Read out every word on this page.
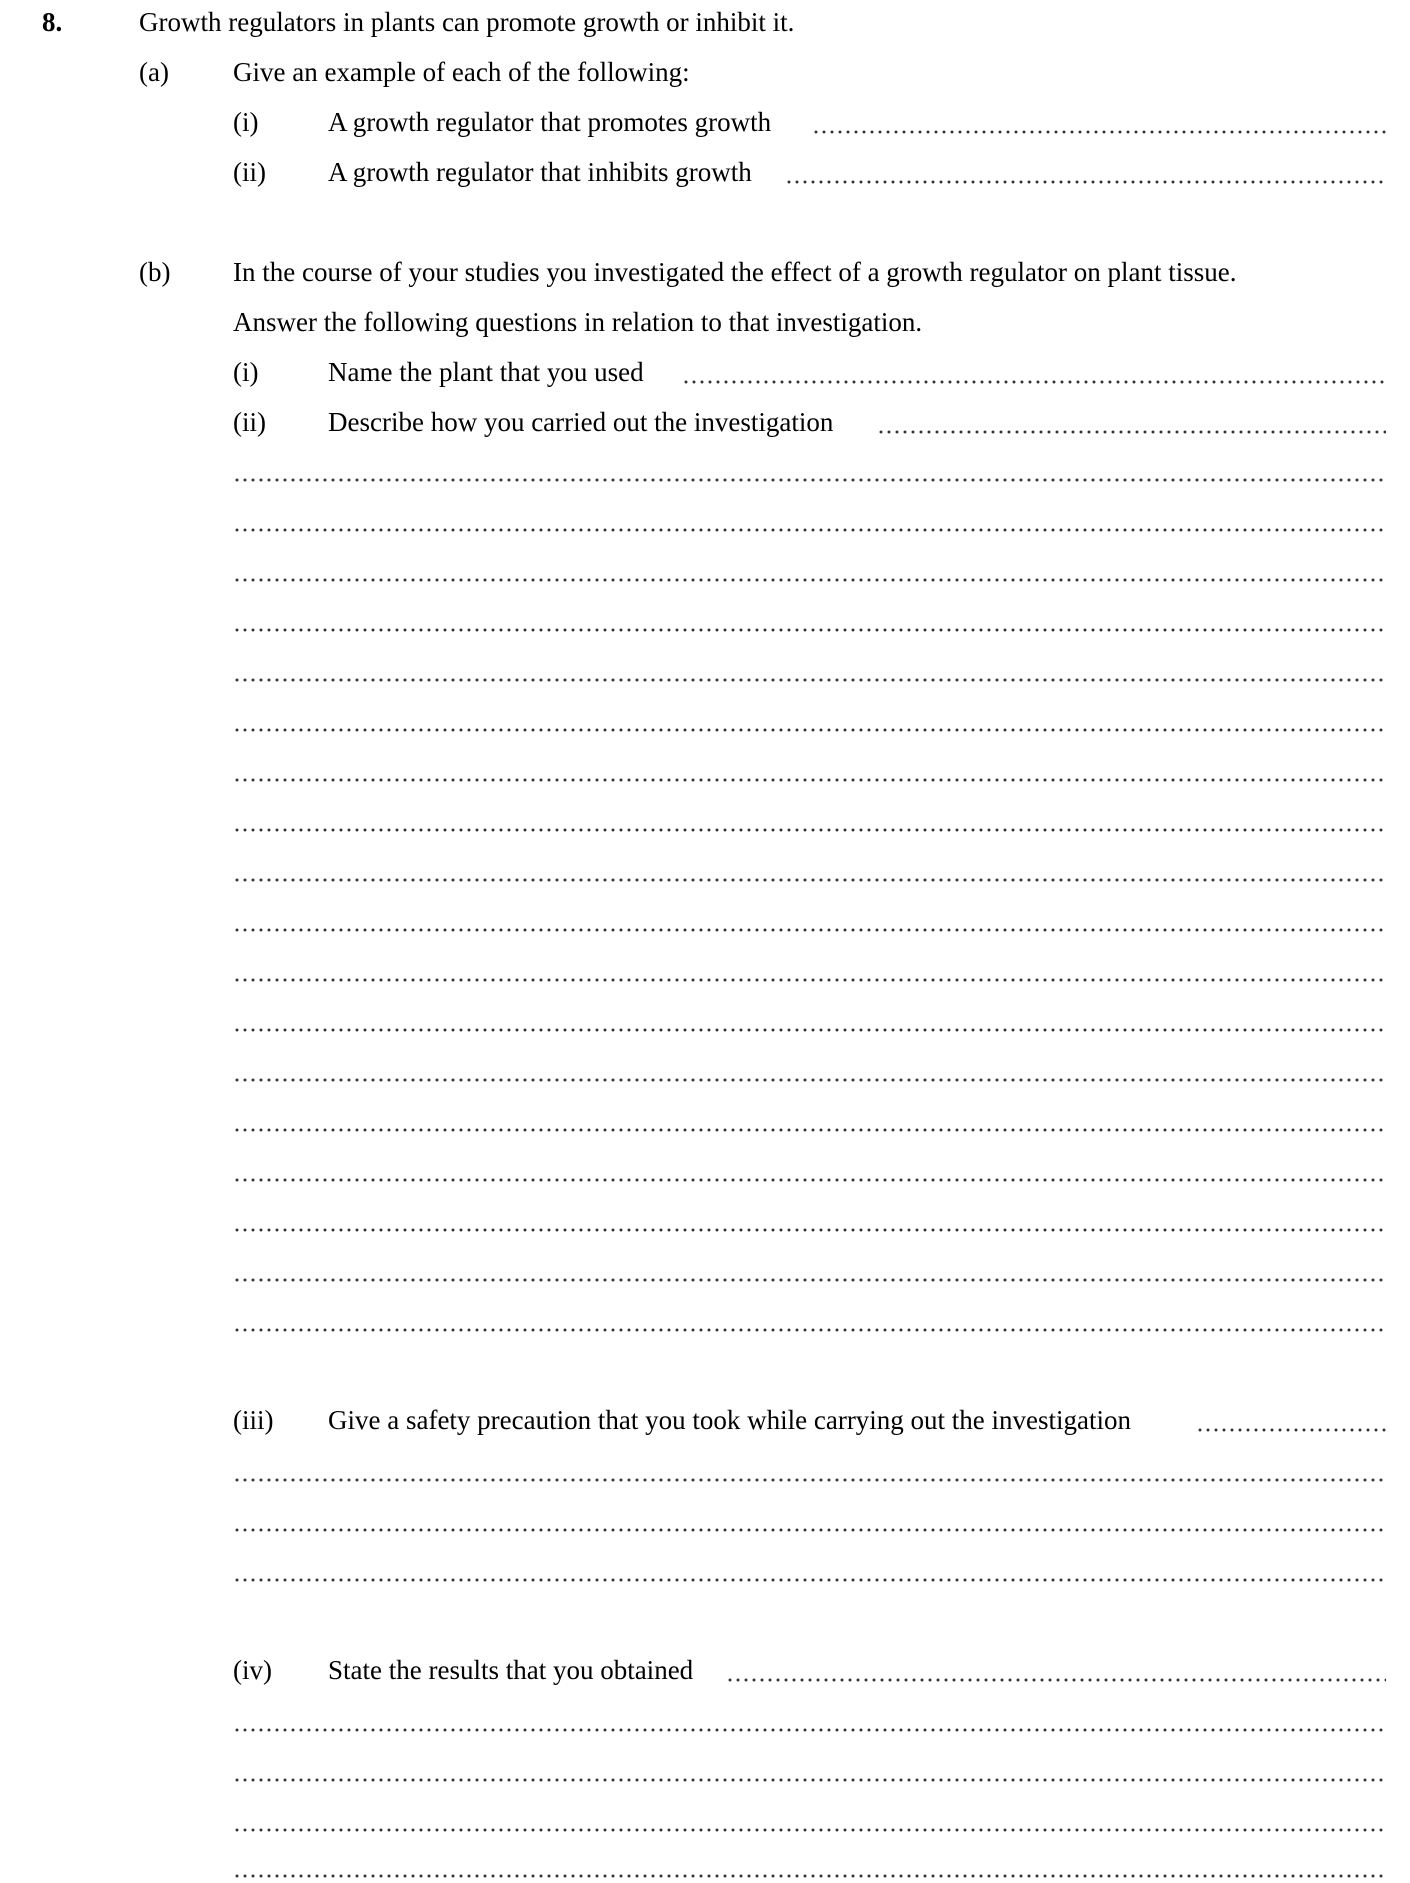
8.	Growth regulators in plants can promote growth or inhibit it.
(a) Give an example of each of the following:
(i)	A growth regulator that promotes growth
(ii) A growth regulator that inhibits growth
(b) In the course of your studies you investigated the effect of a growth regulator on plant tissue.
Answer the following questions in relation to that investigation.
(i)	Name the plant that you used
(ii) Describe how you carried out the investigation
(iii) Give a safety precaution that you took while carrying out the investigation
(iv) State the results that you obtained
